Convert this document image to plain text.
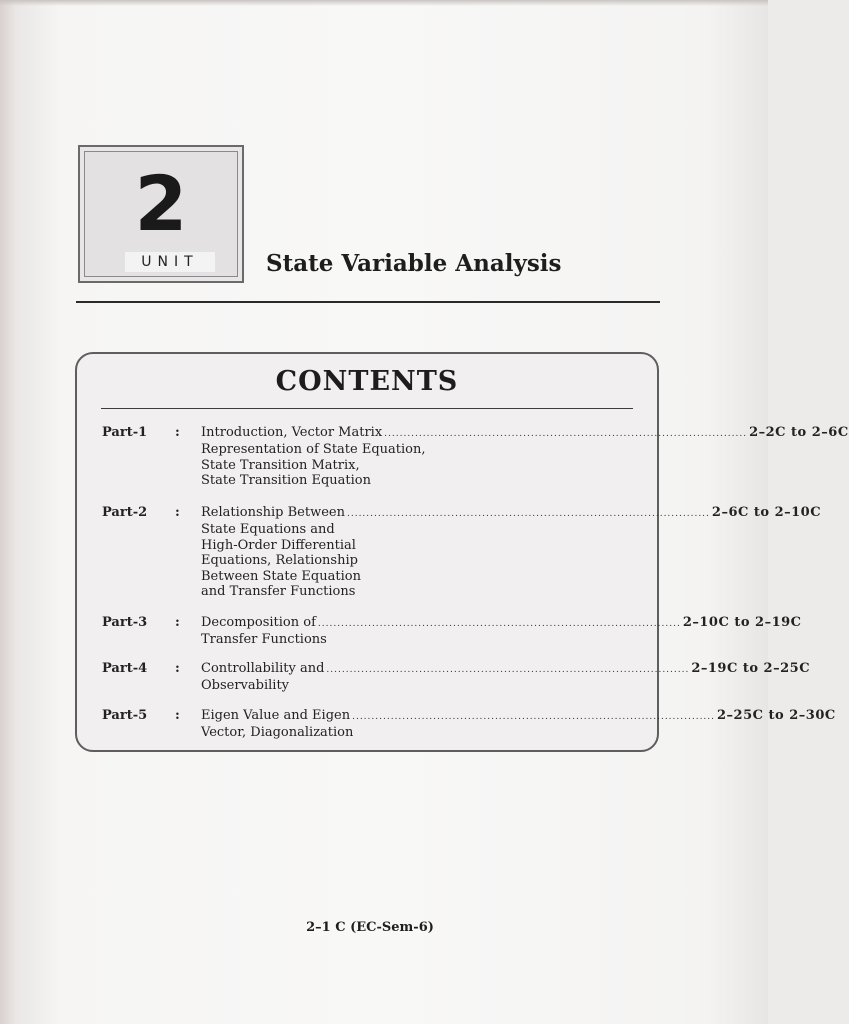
2
UNIT	State Variable Analysis
CONTENTS
Part-1 : Introduction, Vector Matrix .............................................................................................. 2–2C to 2–6C
Representation of State Equation,
State Transition Matrix,
State Transition Equation
Part-2 : Relationship Between .............................................................................................. 2–6C to 2–10C
State Equations and
High-Order Differential
Equations, Relationship
Between State Equation
and Transfer Functions
Part-3 : Decomposition of .............................................................................................. 2–10C to 2–19C
Transfer Functions
Part-4 : Controllability and .............................................................................................. 2–19C to 2–25C
Observability
Part-5 : Eigen Value and Eigen .............................................................................................. 2–25C to 2–30C
Vector, Diagonalization
2–1 C (EC-Sem-6)
